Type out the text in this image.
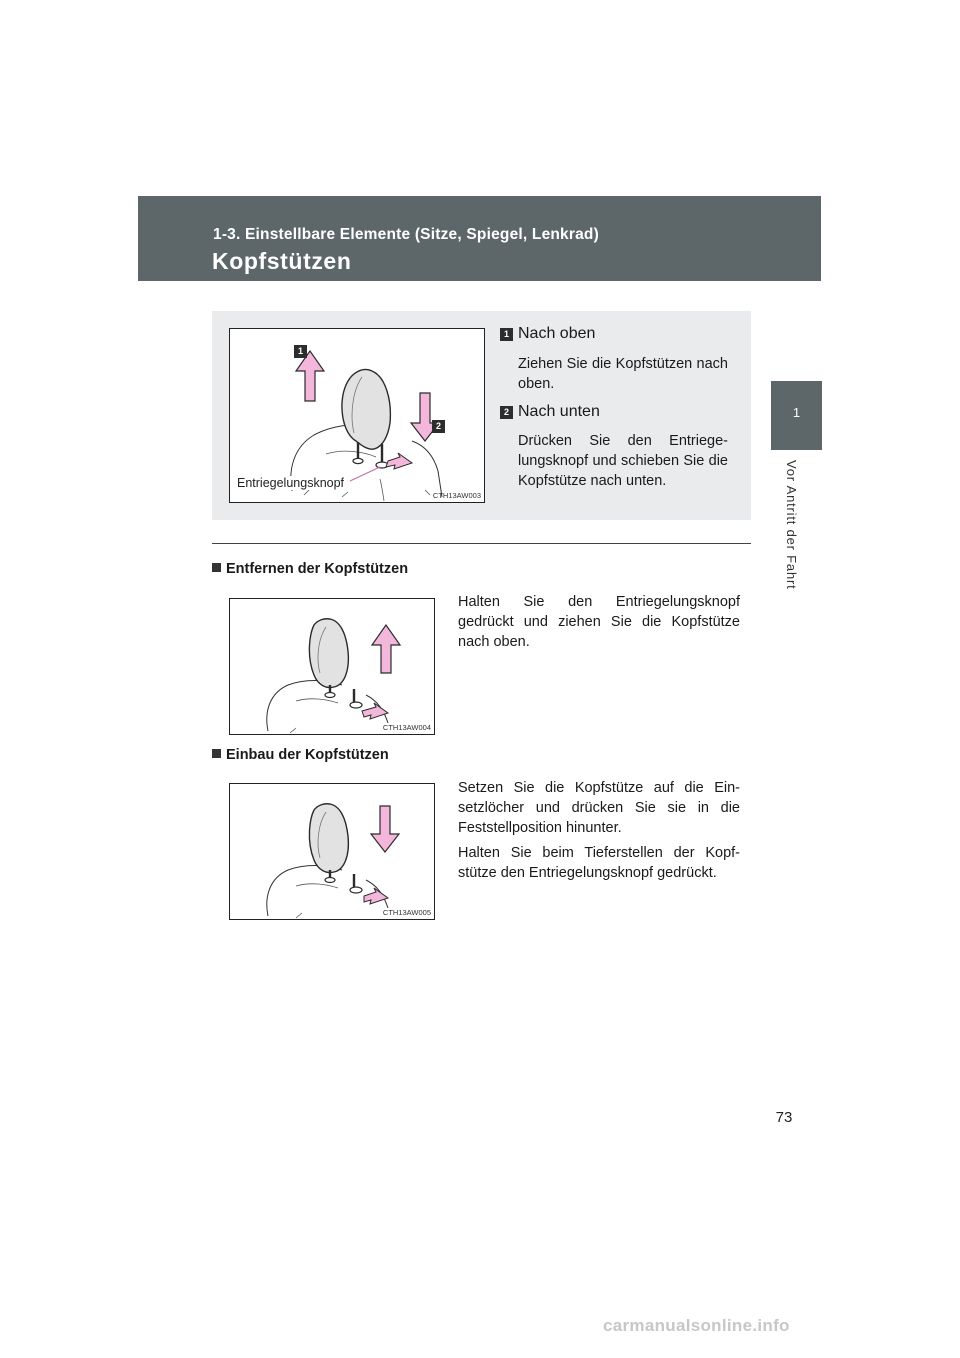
1-3. Einstellbare Elemente (Sitze, Spiegel, Lenkrad)
Kopfstützen
1
Vor Antritt der Fahrt
1
2
Entriegelungsknopf
CTH13AW003
1 Nach oben
Ziehen Sie die Kopfstützen nach oben.
2 Nach unten
Drücken Sie den Entriege- lungsknopf und schieben Sie die Kopfstütze nach unten.
Entfernen der Kopfstützen
CTH13AW004
Halten Sie den Entriegelungsknopf gedrückt und ziehen Sie die Kopfstütze nach oben.
Einbau der Kopfstützen
CTH13AW005
Setzen Sie die Kopfstütze auf die Ein- setzlöcher und drücken Sie sie in die Feststellposition hinunter.
Halten Sie beim Tieferstellen der Kopf- stütze den Entriegelungsknopf gedrückt.
73
carmanualsonline.info
